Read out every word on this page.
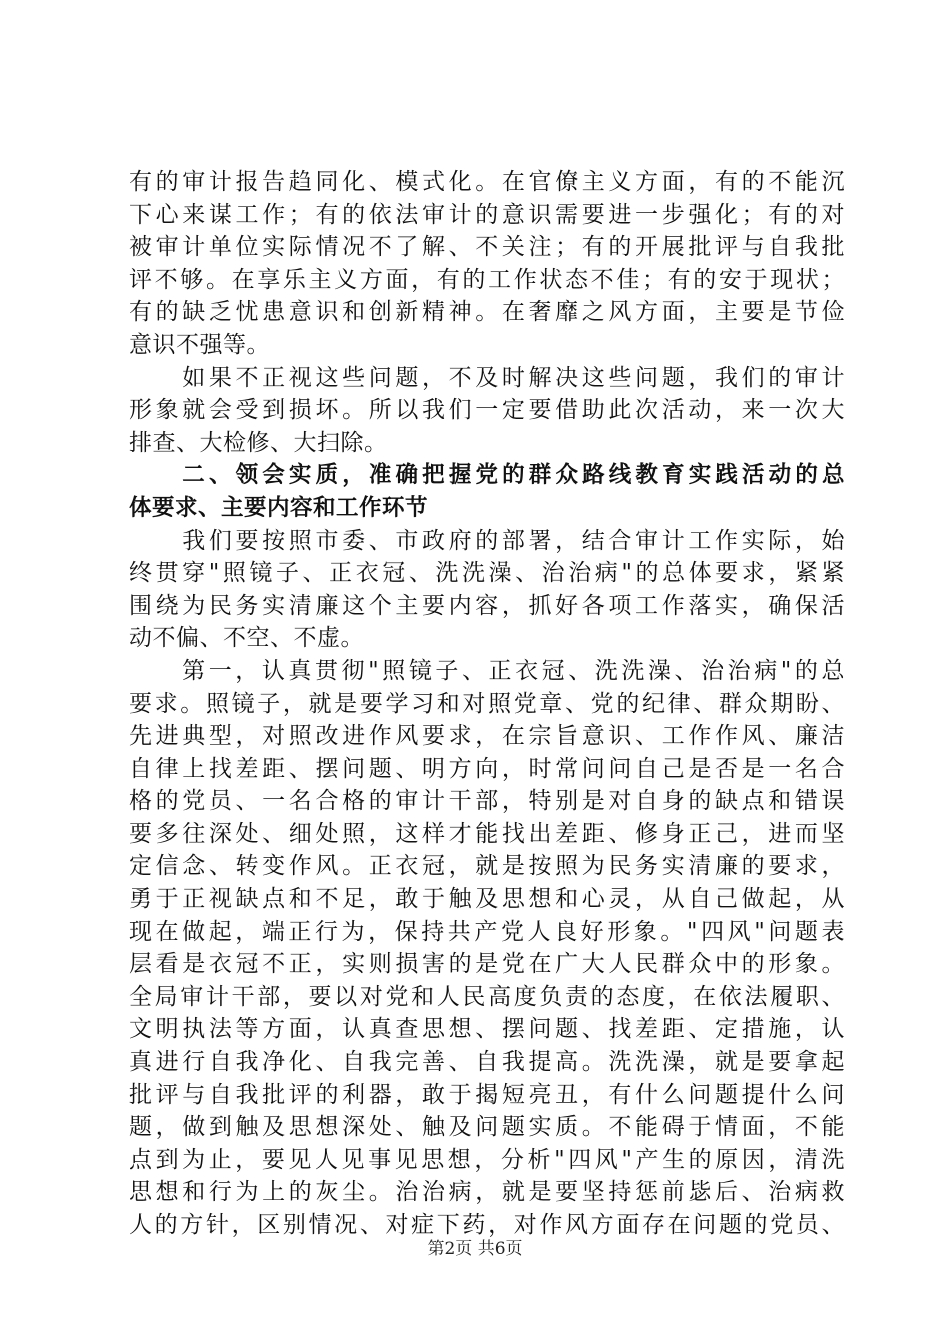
有的审计报告趋同化、模式化。在官僚主义方面，有的不能沉
下心来谋工作；有的依法审计的意识需要进一步强化；有的对
被审计单位实际情况不了解、不关注；有的开展批评与自我批
评不够。在享乐主义方面，有的工作状态不佳；有的安于现状；
有的缺乏忧患意识和创新精神。在奢靡之风方面，主要是节俭
意识不强等。
　　如果不正视这些问题，不及时解决这些问题，我们的审计
形象就会受到损坏。所以我们一定要借助此次活动，来一次大
排查、大检修、大扫除。
　　二、领会实质，准确把握党的群众路线教育实践活动的总
体要求、主要内容和工作环节
　　我们要按照市委、市政府的部署，结合审计工作实际，始
终贯穿"照镜子、正衣冠、洗洗澡、治治病"的总体要求，紧紧
围绕为民务实清廉这个主要内容，抓好各项工作落实，确保活
动不偏、不空、不虚。
　　第一，认真贯彻"照镜子、正衣冠、洗洗澡、治治病"的总
要求。照镜子，就是要学习和对照党章、党的纪律、群众期盼、
先进典型，对照改进作风要求，在宗旨意识、工作作风、廉洁
自律上找差距、摆问题、明方向，时常问问自己是否是一名合
格的党员、一名合格的审计干部，特别是对自身的缺点和错误
要多往深处、细处照，这样才能找出差距、修身正己，进而坚
定信念、转变作风。正衣冠，就是按照为民务实清廉的要求，
勇于正视缺点和不足，敢于触及思想和心灵，从自己做起，从
现在做起，端正行为，保持共产党人良好形象。"四风"问题表
层看是衣冠不正，实则损害的是党在广大人民群众中的形象。
全局审计干部，要以对党和人民高度负责的态度，在依法履职、
文明执法等方面，认真查思想、摆问题、找差距、定措施，认
真进行自我净化、自我完善、自我提高。洗洗澡，就是要拿起
批评与自我批评的利器，敢于揭短亮丑，有什么问题提什么问
题，做到触及思想深处、触及问题实质。不能碍于情面，不能
点到为止，要见人见事见思想，分析"四风"产生的原因，清洗
思想和行为上的灰尘。治治病，就是要坚持惩前毖后、治病救
人的方针，区别情况、对症下药，对作风方面存在问题的党员、
第2页 共6页
